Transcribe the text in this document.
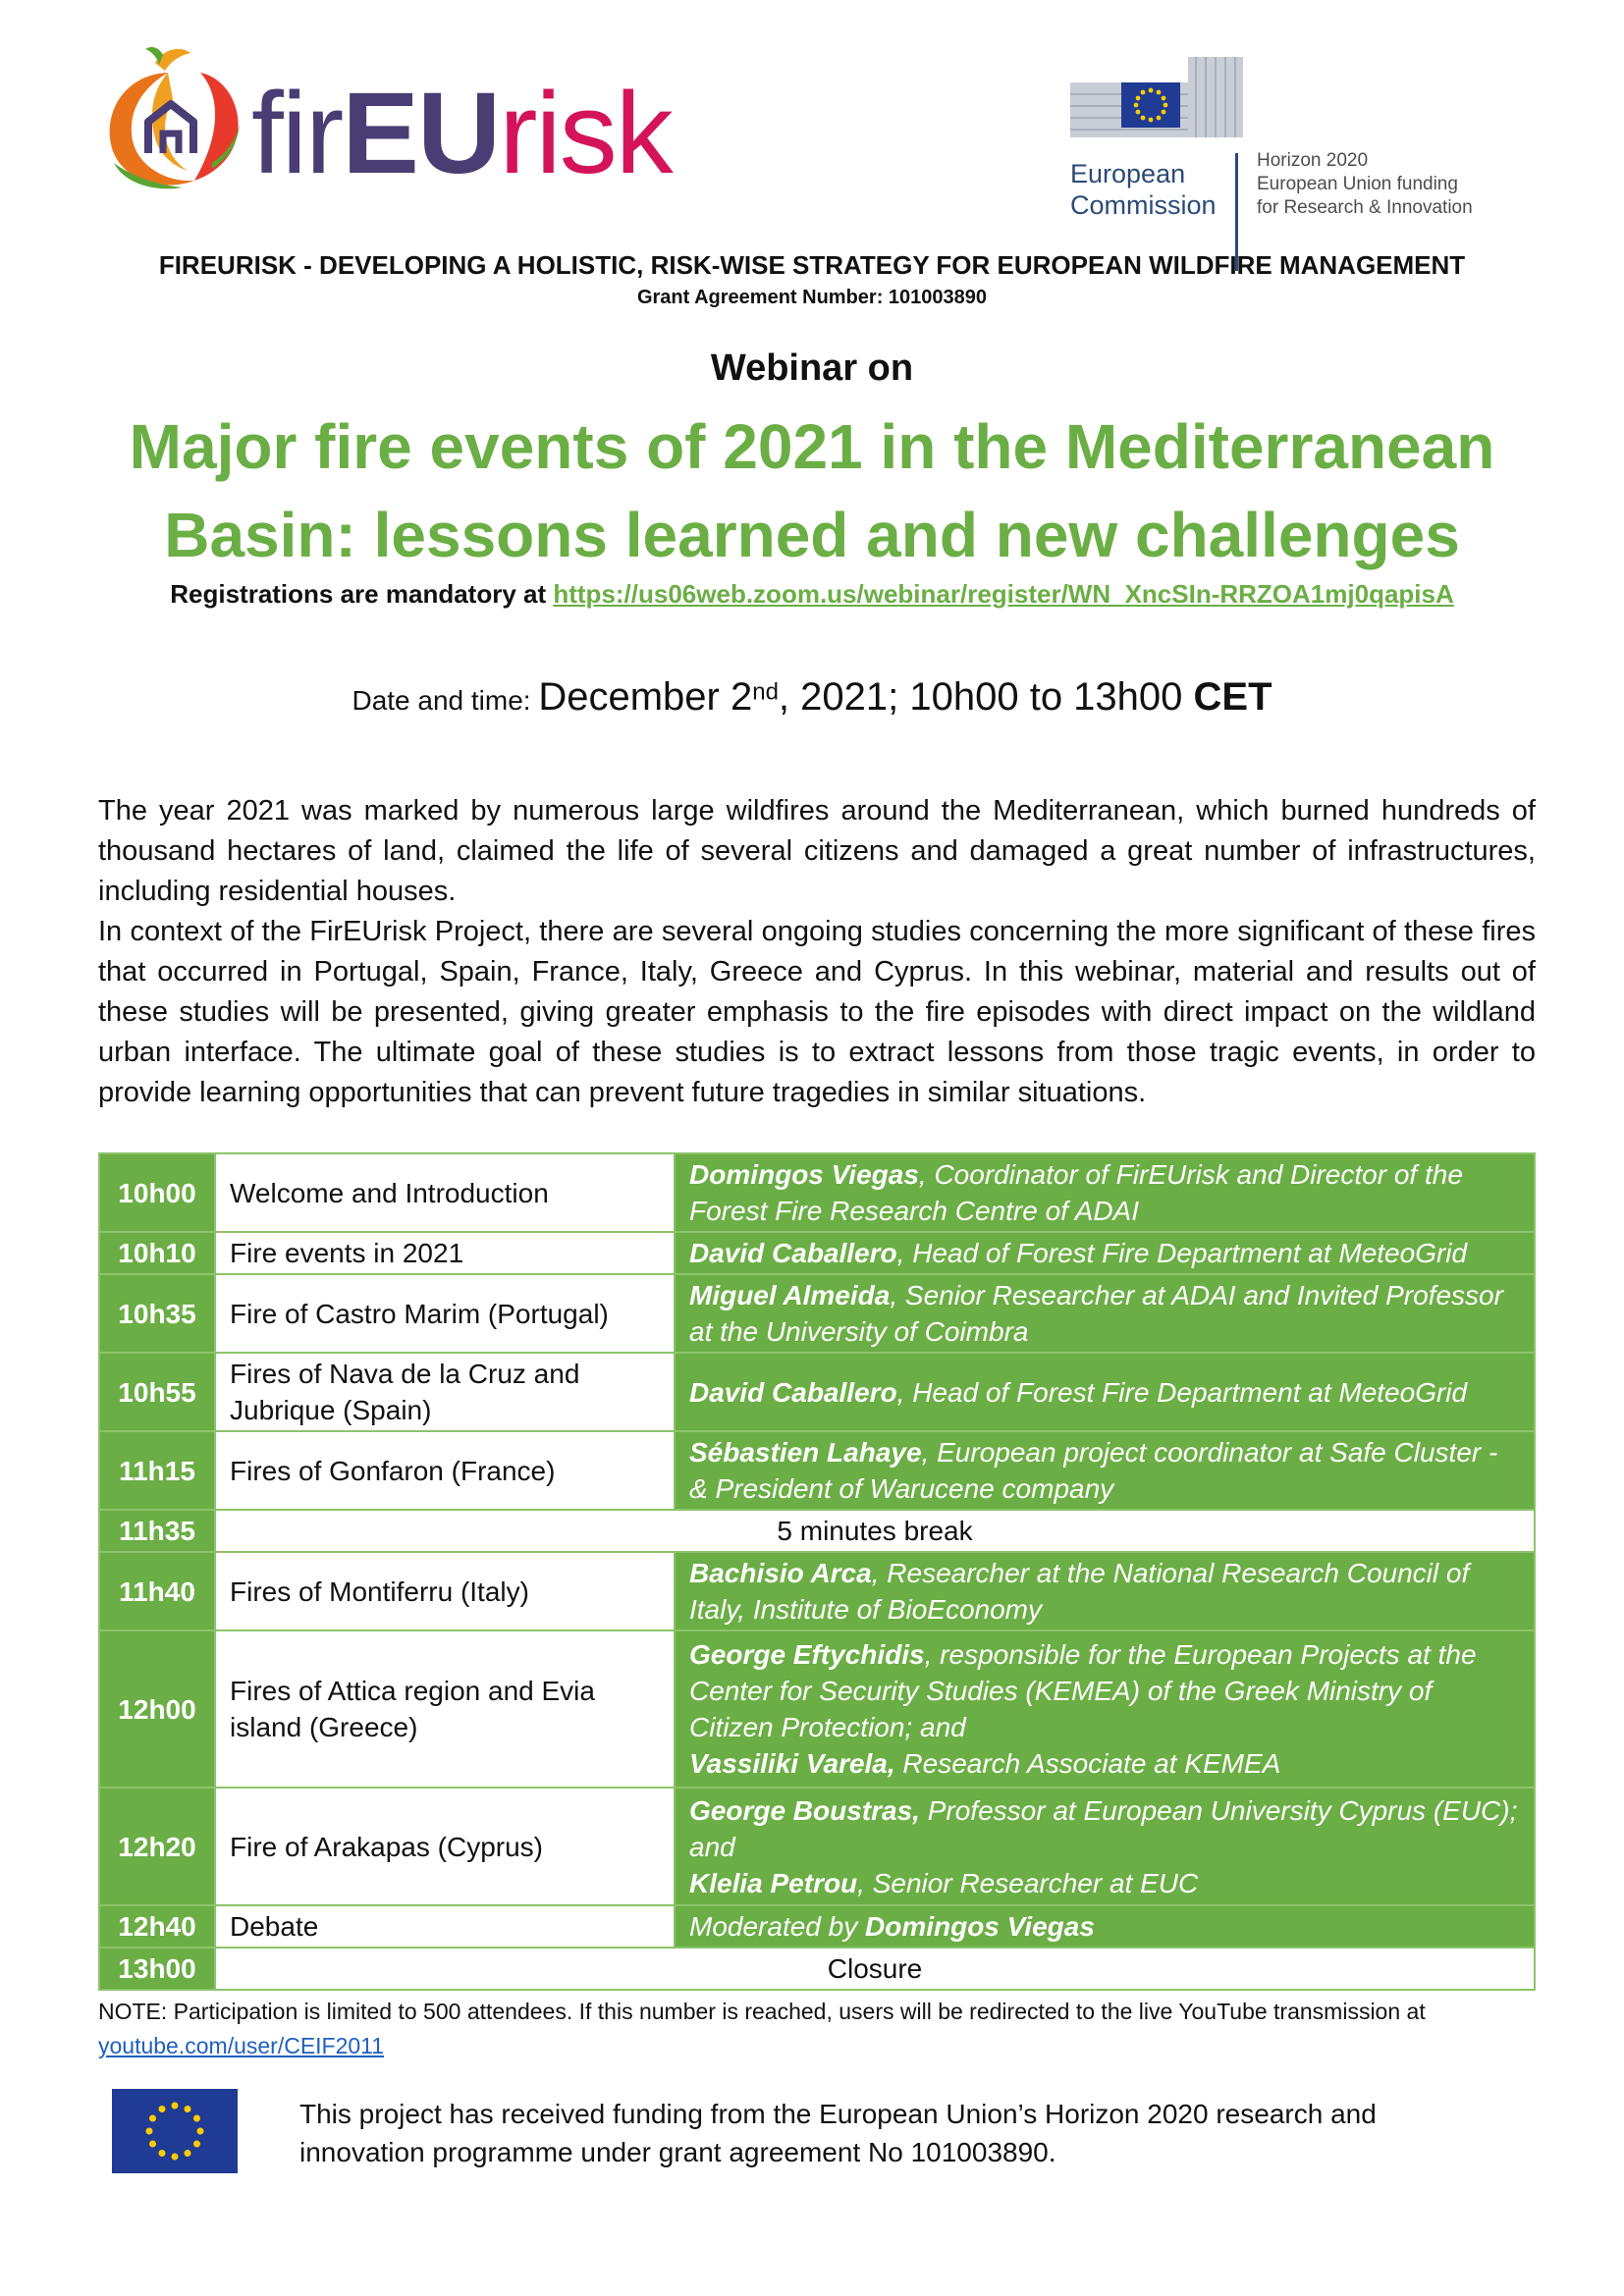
firEUrisk	European
Commission
Horizon 2020
European Union funding
for Research & Innovation
FIREURISK - DEVELOPING A HOLISTIC, RISK-WISE STRATEGY FOR EUROPEAN WILDFIRE MANAGEMENT
Grant Agreement Number: 101003890
Webinar on
Major fire events of 2021 in the Mediterranean
Basin: lessons learned and new challenges
Registrations are mandatory at https://us06web.zoom.us/webinar/register/WN_XncSIn-RRZOA1mj0qapisA
Date and time: December 2nd, 2021; 10h00 to 13h00 CET

The year 2021 was marked by numerous large wildfires around the Mediterranean, which burned hundreds of thousand hectares of land, claimed the life of several citizens and damaged a great number of infrastructures, including residential houses.

In context of the FirEUrisk Project, there are several ongoing studies concerning the more significant of these fires that occurred in Portugal, Spain, France, Italy, Greece and Cyprus. In this webinar, material and results out of these studies will be presented, giving greater emphasis to the fire episodes with direct impact on the wildland urban interface. The ultimate goal of these studies is to extract lessons from those tragic events, in order to provide learning opportunities that can prevent future tragedies in similar situations.

10h00	Welcome and Introduction	Domingos Viegas, Coordinator of FirEUrisk and Director of the Forest Fire Research Centre of ADAI
10h10	Fire events in 2021	David Caballero, Head of Forest Fire Department at MeteoGrid
10h35	Fire of Castro Marim (Portugal)	Miguel Almeida, Senior Researcher at ADAI and Invited Professor at the University of Coimbra
10h55	Fires of Nava de la Cruz and Jubrique (Spain)	David Caballero, Head of Forest Fire Department at MeteoGrid
11h15	Fires of Gonfaron (France)	Sébastien Lahaye, European project coordinator at Safe Cluster - & President of Warucene company
11h35	5 minutes break	
11h40	Fires of Montiferru (Italy)	Bachisio Arca, Researcher at the National Research Council of Italy, Institute of BioEconomy
12h00	Fires of Attica region and Evia island (Greece)	George Eftychidis, responsible for the European Projects at the Center for Security Studies (KEMEA) of the Greek Ministry of Citizen Protection; and
Vassiliki Varela, Research Associate at KEMEA
12h20	Fire of Arakapas (Cyprus)	George Boustras, Professor at European University Cyprus (EUC); and
Klelia Petrou, Senior Researcher at EUC
12h40	Debate	Moderated by Domingos Viegas
13h00	Closure	
NOTE: Participation is limited to 500 attendees. If this number is reached, users will be redirected to the live YouTube transmission at youtube.com/user/CEIF2011
This project has received funding from the European Union’s Horizon 2020 research and innovation programme under grant agreement No 101003890.
